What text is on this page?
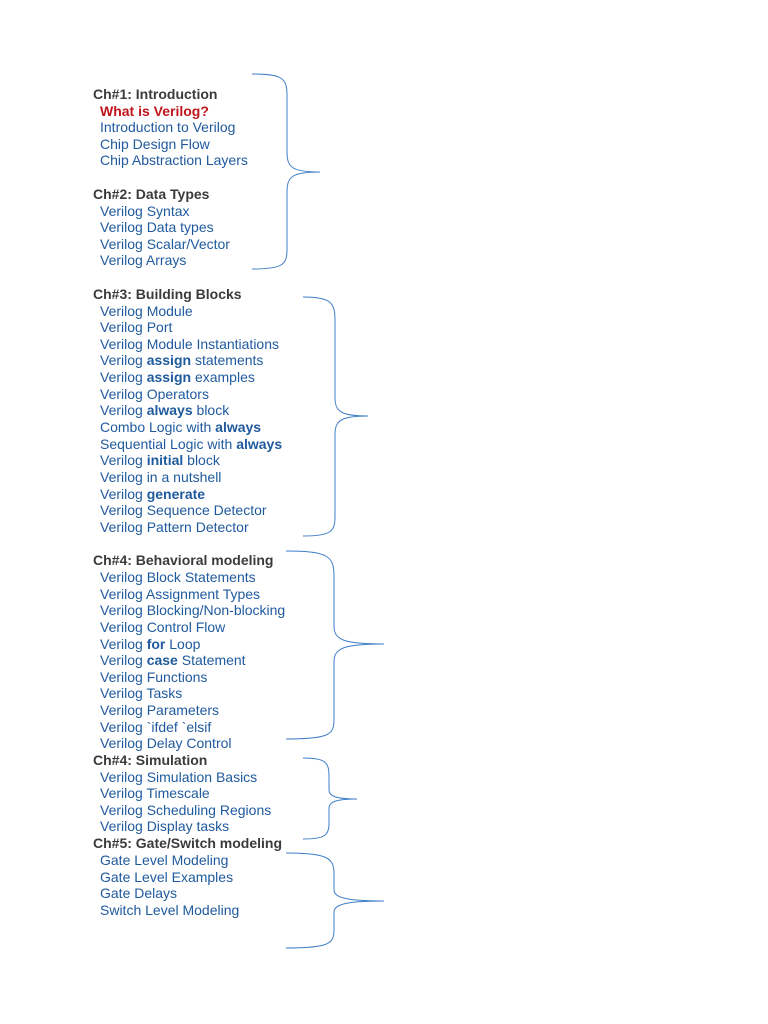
Ch#1: Introduction
What is Verilog?
Introduction to Verilog
Chip Design Flow
Chip Abstraction Layers
Ch#2: Data Types
Verilog Syntax
Verilog Data types
Verilog Scalar/Vector
Verilog Arrays
Ch#3: Building Blocks
Verilog Module
Verilog Port
Verilog Module Instantiations
Verilog assign statements
Verilog assign examples
Verilog Operators
Verilog always block
Combo Logic with always
Sequential Logic with always
Verilog initial block
Verilog in a nutshell
Verilog generate
Verilog Sequence Detector
Verilog Pattern Detector
Ch#4: Behavioral modeling
Verilog Block Statements
Verilog Assignment Types
Verilog Blocking/Non-blocking
Verilog Control Flow
Verilog for Loop
Verilog case Statement
Verilog Functions
Verilog Tasks
Verilog Parameters
Verilog `ifdef `elsif
Verilog Delay Control
Ch#4: Simulation
Verilog Simulation Basics
Verilog Timescale
Verilog Scheduling Regions
Verilog Display tasks
Ch#5: Gate/Switch modeling
Gate Level Modeling
Gate Level Examples
Gate Delays
Switch Level Modeling
